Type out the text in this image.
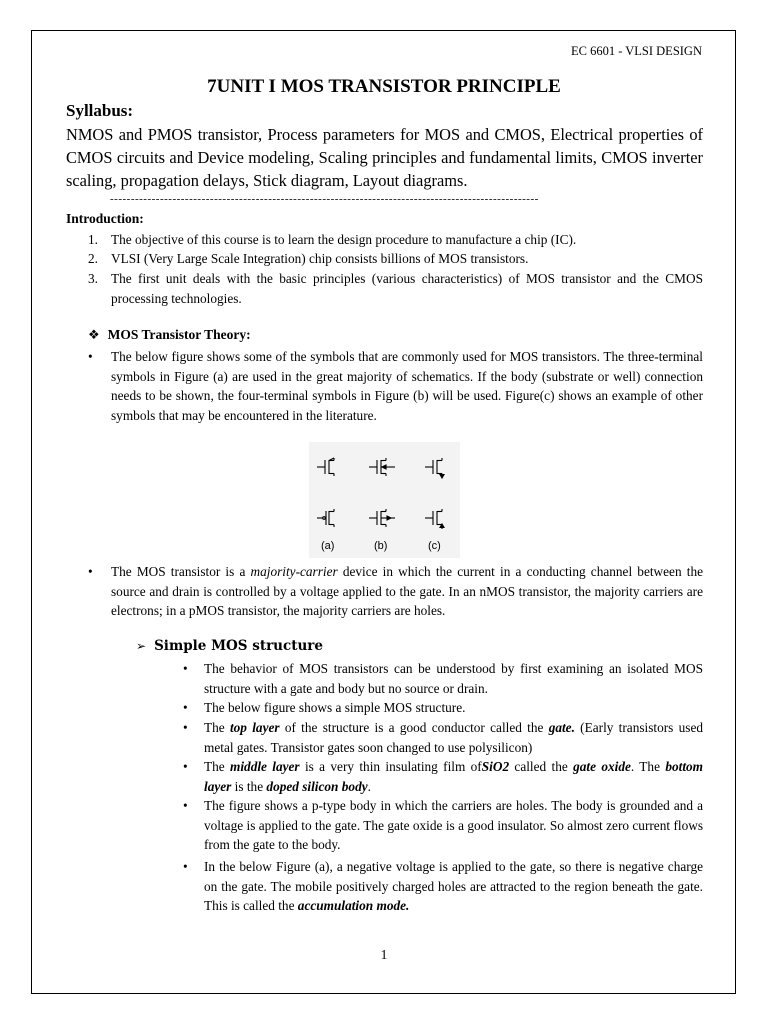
EC 6601 - VLSI DESIGN
7UNIT I MOS TRANSISTOR PRINCIPLE
Syllabus:
NMOS and PMOS transistor, Process parameters for MOS and CMOS, Electrical properties of CMOS circuits and Device modeling, Scaling principles and fundamental limits, CMOS inverter scaling, propagation delays, Stick diagram, Layout diagrams.
-------------------------------------------------------------------------------------------------------
Introduction:
1. The objective of this course is to learn the design procedure to manufacture a chip (IC).
2. VLSI (Very Large Scale Integration) chip consists billions of MOS transistors.
3. The first unit deals with the basic principles (various characteristics) of MOS transistor and the CMOS processing technologies.
❖ MOS Transistor Theory:
• The below figure shows some of the symbols that are commonly used for MOS transistors. The three-terminal symbols in Figure (a) are used in the great majority of schematics. If the body (substrate or well) connection needs to be shown, the four-terminal symbols in Figure (b) will be used. Figure(c) shows an example of other symbols that may be encountered in the literature.
(a)	(b)	(c)
• The MOS transistor is a majority-carrier device in which the current in a conducting channel between the source and drain is controlled by a voltage applied to the gate. In an nMOS transistor, the majority carriers are electrons; in a pMOS transistor, the majority carriers are holes.
➢ Simple MOS structure
• The behavior of MOS transistors can be understood by first examining an isolated MOS structure with a gate and body but no source or drain.
• The below figure shows a simple MOS structure.
• The top layer of the structure is a good conductor called the gate. (Early transistors used metal gates. Transistor gates soon changed to use polysilicon)
• The middle layer is a very thin insulating film ofSiO2 called the gate oxide. The bottom layer is the doped silicon body.
• The figure shows a p-type body in which the carriers are holes. The body is grounded and a voltage is applied to the gate. The gate oxide is a good insulator. So almost zero current flows from the gate to the body.
• In the below Figure (a), a negative voltage is applied to the gate, so there is negative charge on the gate. The mobile positively charged holes are attracted to the region beneath the gate. This is called the accumulation mode.
1
